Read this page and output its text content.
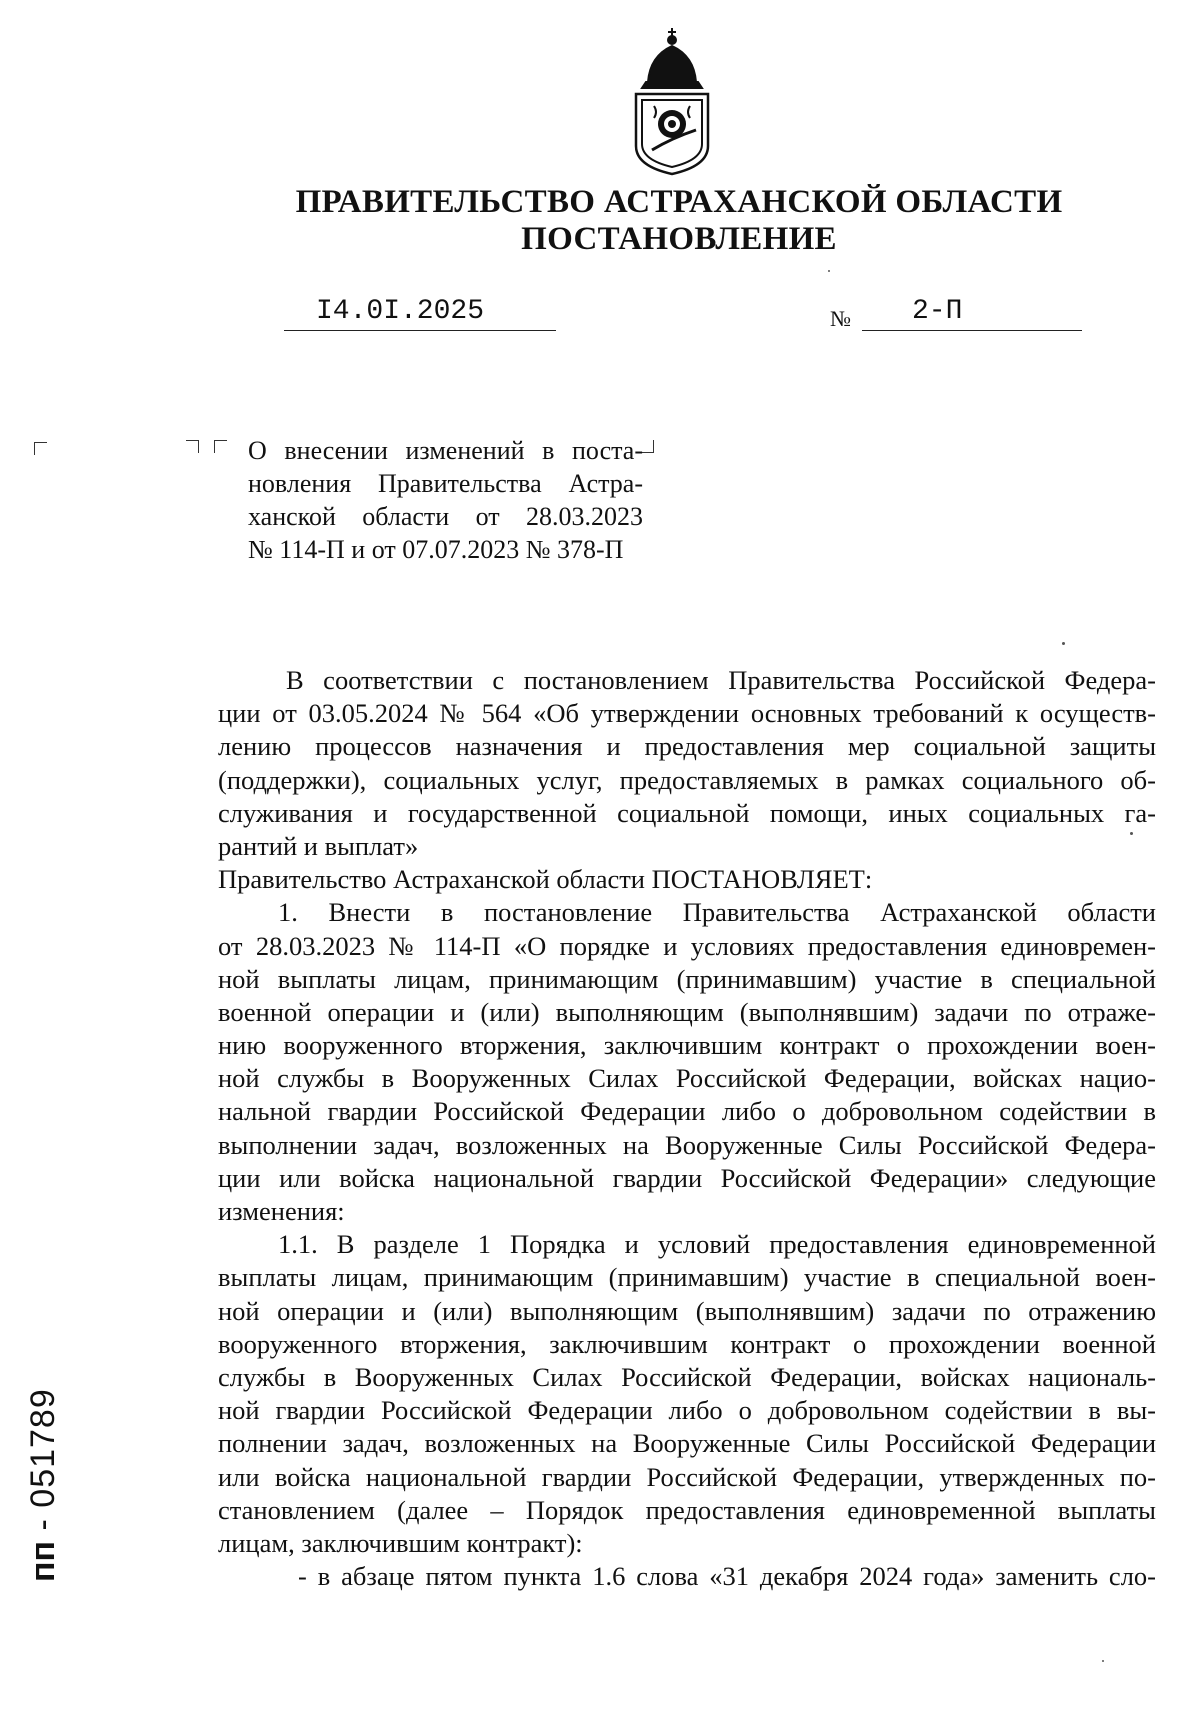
ПРАВИТЕЛЬСТВО АСТРАХАНСКОЙ ОБЛАСТИ
ПОСТАНОВЛЕНИЕ
I4.0I.2025	№ 2-П
О внесении изменений в поста-
новления Правительства Астра-
ханской области от 28.03.2023
№ 114-П и от 07.07.2023 № 378-П
В соответствии с постановлением Правительства Российской Федера-
ции от 03.05.2024 № 564 «Об утверждении основных требований к осуществ-
лению процессов назначения и предоставления мер социальной защиты
(поддержки), социальных услуг, предоставляемых в рамках социального об-
служивания и государственной социальной помощи, иных социальных га-
рантий и выплат»
Правительство Астраханской области ПОСТАНОВЛЯЕТ:
1. Внести в постановление Правительства Астраханской области
от 28.03.2023 № 114-П «О порядке и условиях предоставления единовремен-
ной выплаты лицам, принимающим (принимавшим) участие в специальной
военной операции и (или) выполняющим (выполнявшим) задачи по отраже-
нию вооруженного вторжения, заключившим контракт о прохождении воен-
ной службы в Вооруженных Силах Российской Федерации, войсках нацио-
нальной гвардии Российской Федерации либо о добровольном содействии в
выполнении задач, возложенных на Вооруженные Силы Российской Федера-
ции или войска национальной гвардии Российской Федерации» следующие
изменения:
1.1. В разделе 1 Порядка и условий предоставления единовременной
выплаты лицам, принимающим (принимавшим) участие в специальной воен-
ной операции и (или) выполняющим (выполнявшим) задачи по отражению
вооруженного вторжения, заключившим контракт о прохождении военной
службы в Вооруженных Силах Российской Федерации, войсках националь-
ной гвардии Российской Федерации либо о добровольном содействии в вы-
полнении задач, возложенных на Вооруженные Силы Российской Федерации
или войска национальной гвардии Российской Федерации, утвержденных по-
становлением (далее – Порядок предоставления единовременной выплаты
лицам, заключившим контракт):
- в абзаце пятом пункта 1.6 слова «31 декабря 2024 года» заменить сло-
пп - 051789
